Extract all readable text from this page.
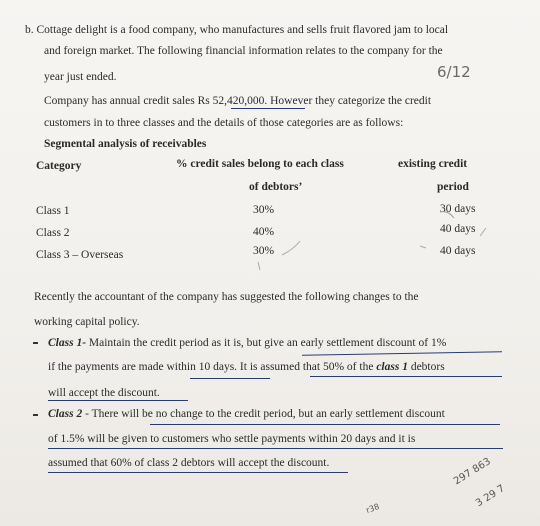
b. Cottage delight is a food company, who manufactures and sells fruit flavored jam to local
and foreign market. The following financial information relates to the company for the
year just ended.	6/12
Company has annual credit sales Rs 52,420,000. However they categorize the credit
customers in to three classes and the details of those categories are as follows:
Segmental analysis of receivables
Category	% credit sales belong to each class
of debtors’
existing credit
period
Class 1	30%	30 days
Class 2	40%	40 days
Class 3 – Overseas	30%	40 days
Recently the accountant of the company has suggested the following changes to the
working capital policy.
Class 1- Maintain the credit period as it is, but give an early settlement discount of 1%
if the payments are made within 10 days. It is assumed that 50% of the class 1 debtors
will accept the discount.
Class 2 - There will be no change to the credit period, but an early settlement discount
of 1.5% will be given to customers who settle payments within 20 days and it is
assumed that 60% of class 2 debtors will accept the discount.	297 863
3 29 7
r38
